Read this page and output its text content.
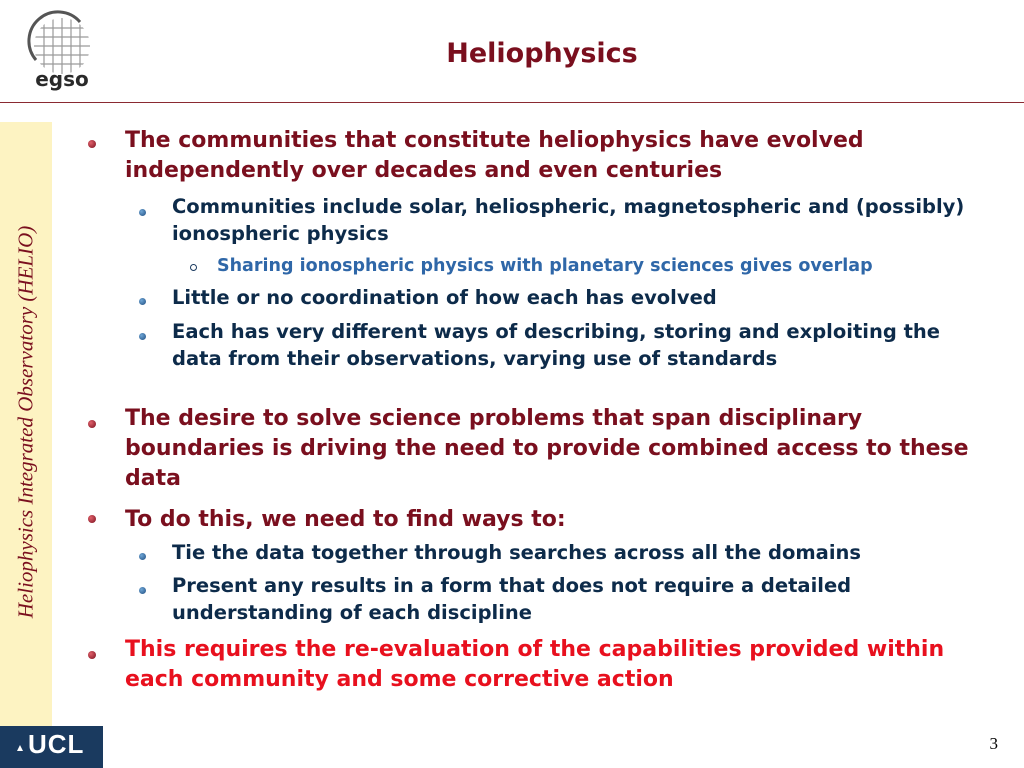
egso
Heliophysics
Heliophysics Integrated Observatory (HELIO)
UCL	3
The communities that constitute heliophysics have evolved independently over decades and even centuries
Communities include solar, heliospheric, magnetospheric and (possibly) ionospheric physics
Sharing ionospheric physics with planetary sciences gives overlap
Little or no coordination of how each has evolved
Each has very different ways of describing, storing and exploiting the data from their observations, varying use of standards
The desire to solve science problems that span disciplinary boundaries is driving the need to provide combined access to these data
To do this, we need to find ways to:
Tie the data together through searches across all the domains
Present any results in a form that does not require a detailed understanding of each discipline
This requires the re-evaluation of the capabilities provided within each community and some corrective action
